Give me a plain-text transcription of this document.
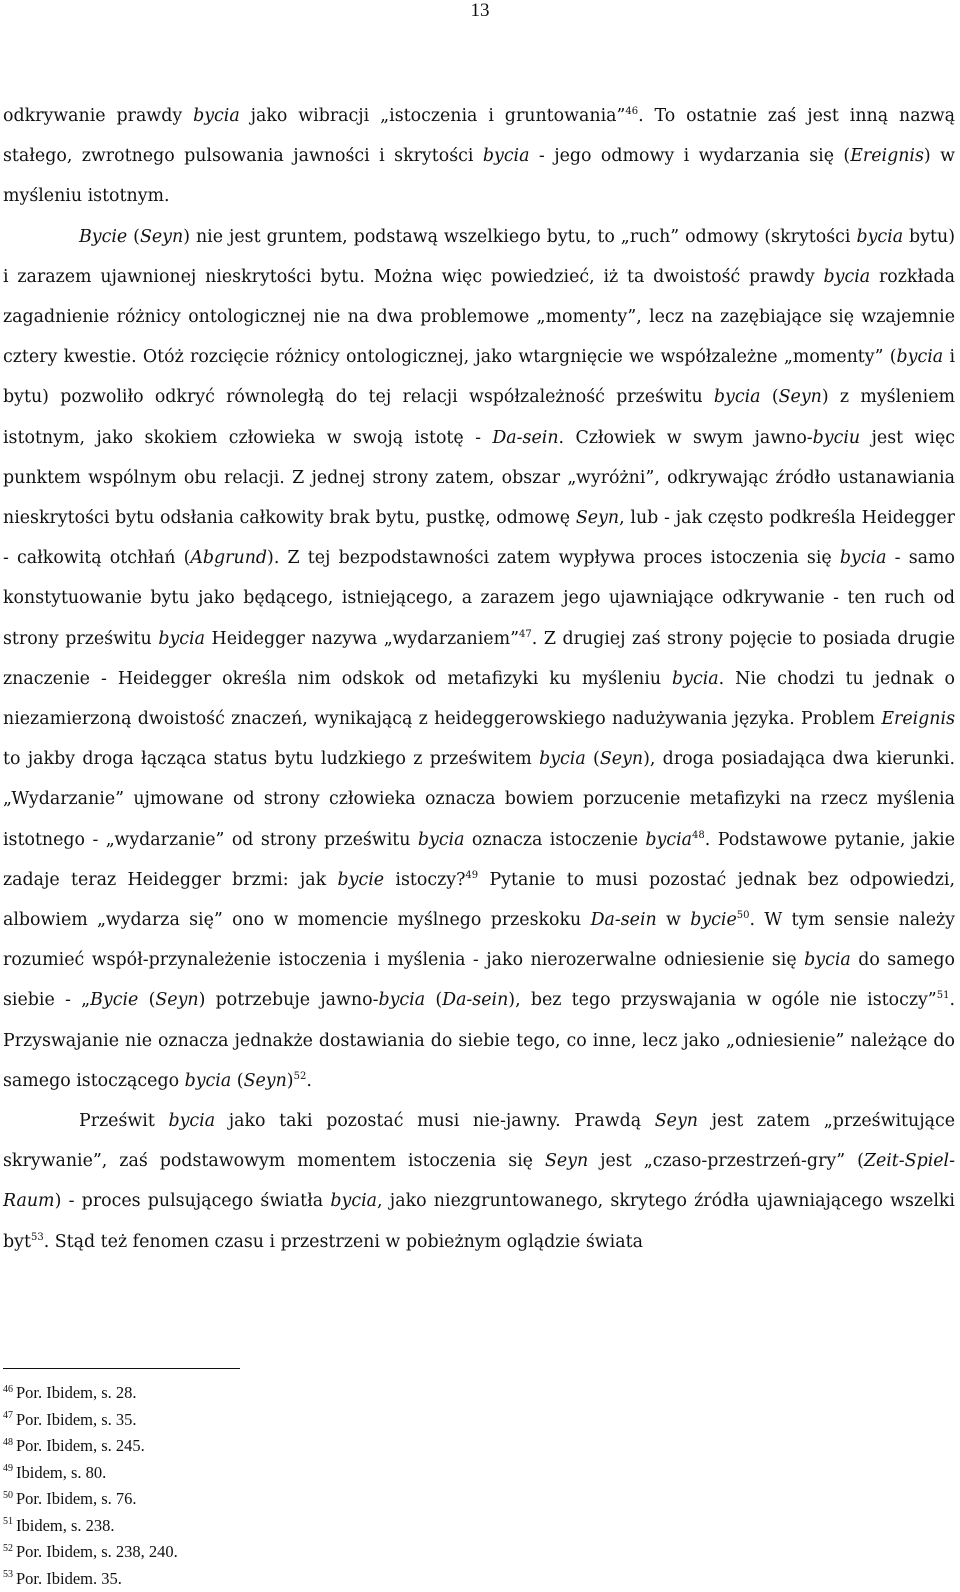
13

odkrywanie prawdy bycia jako wibracji „istoczenia i gruntowania”$^{46}$. To ostatnie zaś jest inną nazwą stałego, zwrotnego pulsowania jawności i skrytości bycia - jego odmowy i wydarzania się (Ereignis) w myśleniu istotnym.

Bycie (Seyn) nie jest gruntem, podstawą wszelkiego bytu, to „ruch” odmowy (skrytości bycia bytu) i zarazem ujawnionej nieskrytości bytu. Można więc powiedzieć, iż ta dwoistość prawdy bycia rozkłada zagadnienie różnicy ontologicznej nie na dwa problemowe „momenty”, lecz na zazębiające się wzajemnie cztery kwestie. Otóż rozcięcie różnicy ontologicznej, jako wtargnięcie we współzależne „momenty” (bycia i bytu) pozwoliło odkryć równoległą do tej relacji współzależność prześwitu bycia (Seyn) z myśleniem istotnym, jako skokiem człowieka w swoją istotę - Da-sein. Człowiek w swym jawno-byciu jest więc punktem wspólnym obu relacji. Z jednej strony zatem, obszar „wyróżni”, odkrywając źródło ustanawiania nieskrytości bytu odsłania całkowity brak bytu, pustkę, odmowę Seyn, lub - jak często podkreśla Heidegger - całkowitą otchłań (Abgrund). Z tej bezpodstawności zatem wypływa proces istoczenia się bycia - samo konstytuowanie bytu jako będącego, istniejącego, a zarazem jego ujawniające odkrywanie - ten ruch od strony prześwitu bycia Heidegger nazywa „wydarzaniem”$^{47}$. Z drugiej zaś strony pojęcie to posiada drugie znaczenie - Heidegger określa nim odskok od metafizyki ku myśleniu bycia. Nie chodzi tu jednak o niezamierzoną dwoistość znaczeń, wynikającą z heideggerowskiego nadużywania języka. Problem Ereignis to jakby droga łącząca status bytu ludzkiego z prześwitem bycia (Seyn), droga posiadająca dwa kierunki. „Wydarzanie” ujmowane od strony człowieka oznacza bowiem porzucenie metafizyki na rzecz myślenia istotnego - „wydarzanie” od strony prześwitu bycia oznacza istoczenie bycia$^{48}$. Podstawowe pytanie, jakie zadaje teraz Heidegger brzmi: jak bycie istoczy?$^{49}$ Pytanie to musi pozostać jednak bez odpowiedzi, albowiem „wydarza się” ono w momencie myślnego przeskoku Da-sein w bycie$^{50}$. W tym sensie należy rozumieć współ-przynależenie istoczenia i myślenia - jako nierozerwalne odniesienie się bycia do samego siebie - „Bycie (Seyn) potrzebuje jawno-bycia (Da-sein), bez tego przyswajania w ogóle nie istoczy”$^{51}$. Przyswajanie nie oznacza jednakże dostawiania do siebie tego, co inne, lecz jako „odniesienie” należące do samego istoczącego bycia (Seyn)$^{52}$.

Prześwit bycia jako taki pozostać musi nie-jawny. Prawdą Seyn jest zatem „prześwitujące skrywanie”, zaś podstawowym momentem istoczenia się Seyn jest „czaso-przestrzeń-gry” (Zeit-Spiel-Raum) - proces pulsującego światła bycia, jako niezgruntowanego, skrytego źródła ujawniającego wszelki byt$^{53}$. Stąd też fenomen czasu i przestrzeni w pobieżnym oglądzie świata

$^{46}$ Por. Ibidem, s. 28.
$^{47}$ Por. Ibidem, s. 35.
$^{48}$ Por. Ibidem, s. 245.
$^{49}$ Ibidem, s. 80.
$^{50}$ Por. Ibidem, s. 76.
$^{51}$ Ibidem, s. 238.
$^{52}$ Por. Ibidem, s. 238, 240.
$^{53}$ Por. Ibidem. 35.
